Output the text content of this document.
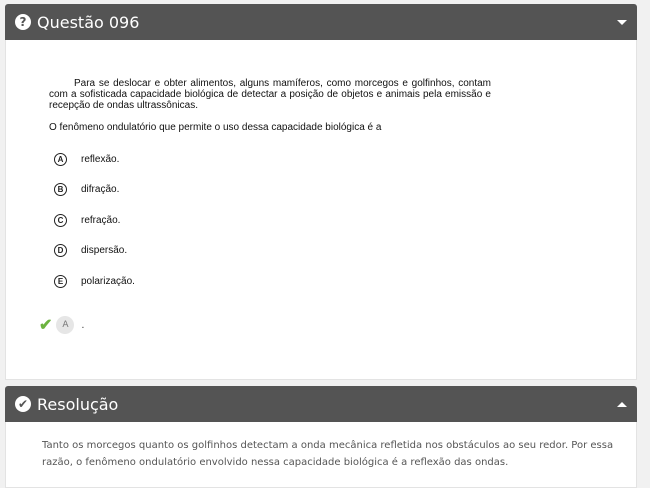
? Questão 096

Para se deslocar e obter alimentos, alguns mamíferos, como morcegos e golfinhos, contam com a sofisticada capacidade biológica de detectar a posição de objetos e animais pela emissão e recepção de ondas ultrassônicas.

O fenômeno ondulatório que permite o uso dessa capacidade biológica é a
A	reflexão.
B	difração.
C	refração.
D	dispersão.
E	polarização.
✔	A	.
✔ Resolução
Tanto os morcegos quanto os golfinhos detectam a onda mecânica refletida nos obstáculos ao seu redor. Por essa razão, o fenômeno ondulatório envolvido nessa capacidade biológica é a reflexão das ondas.
